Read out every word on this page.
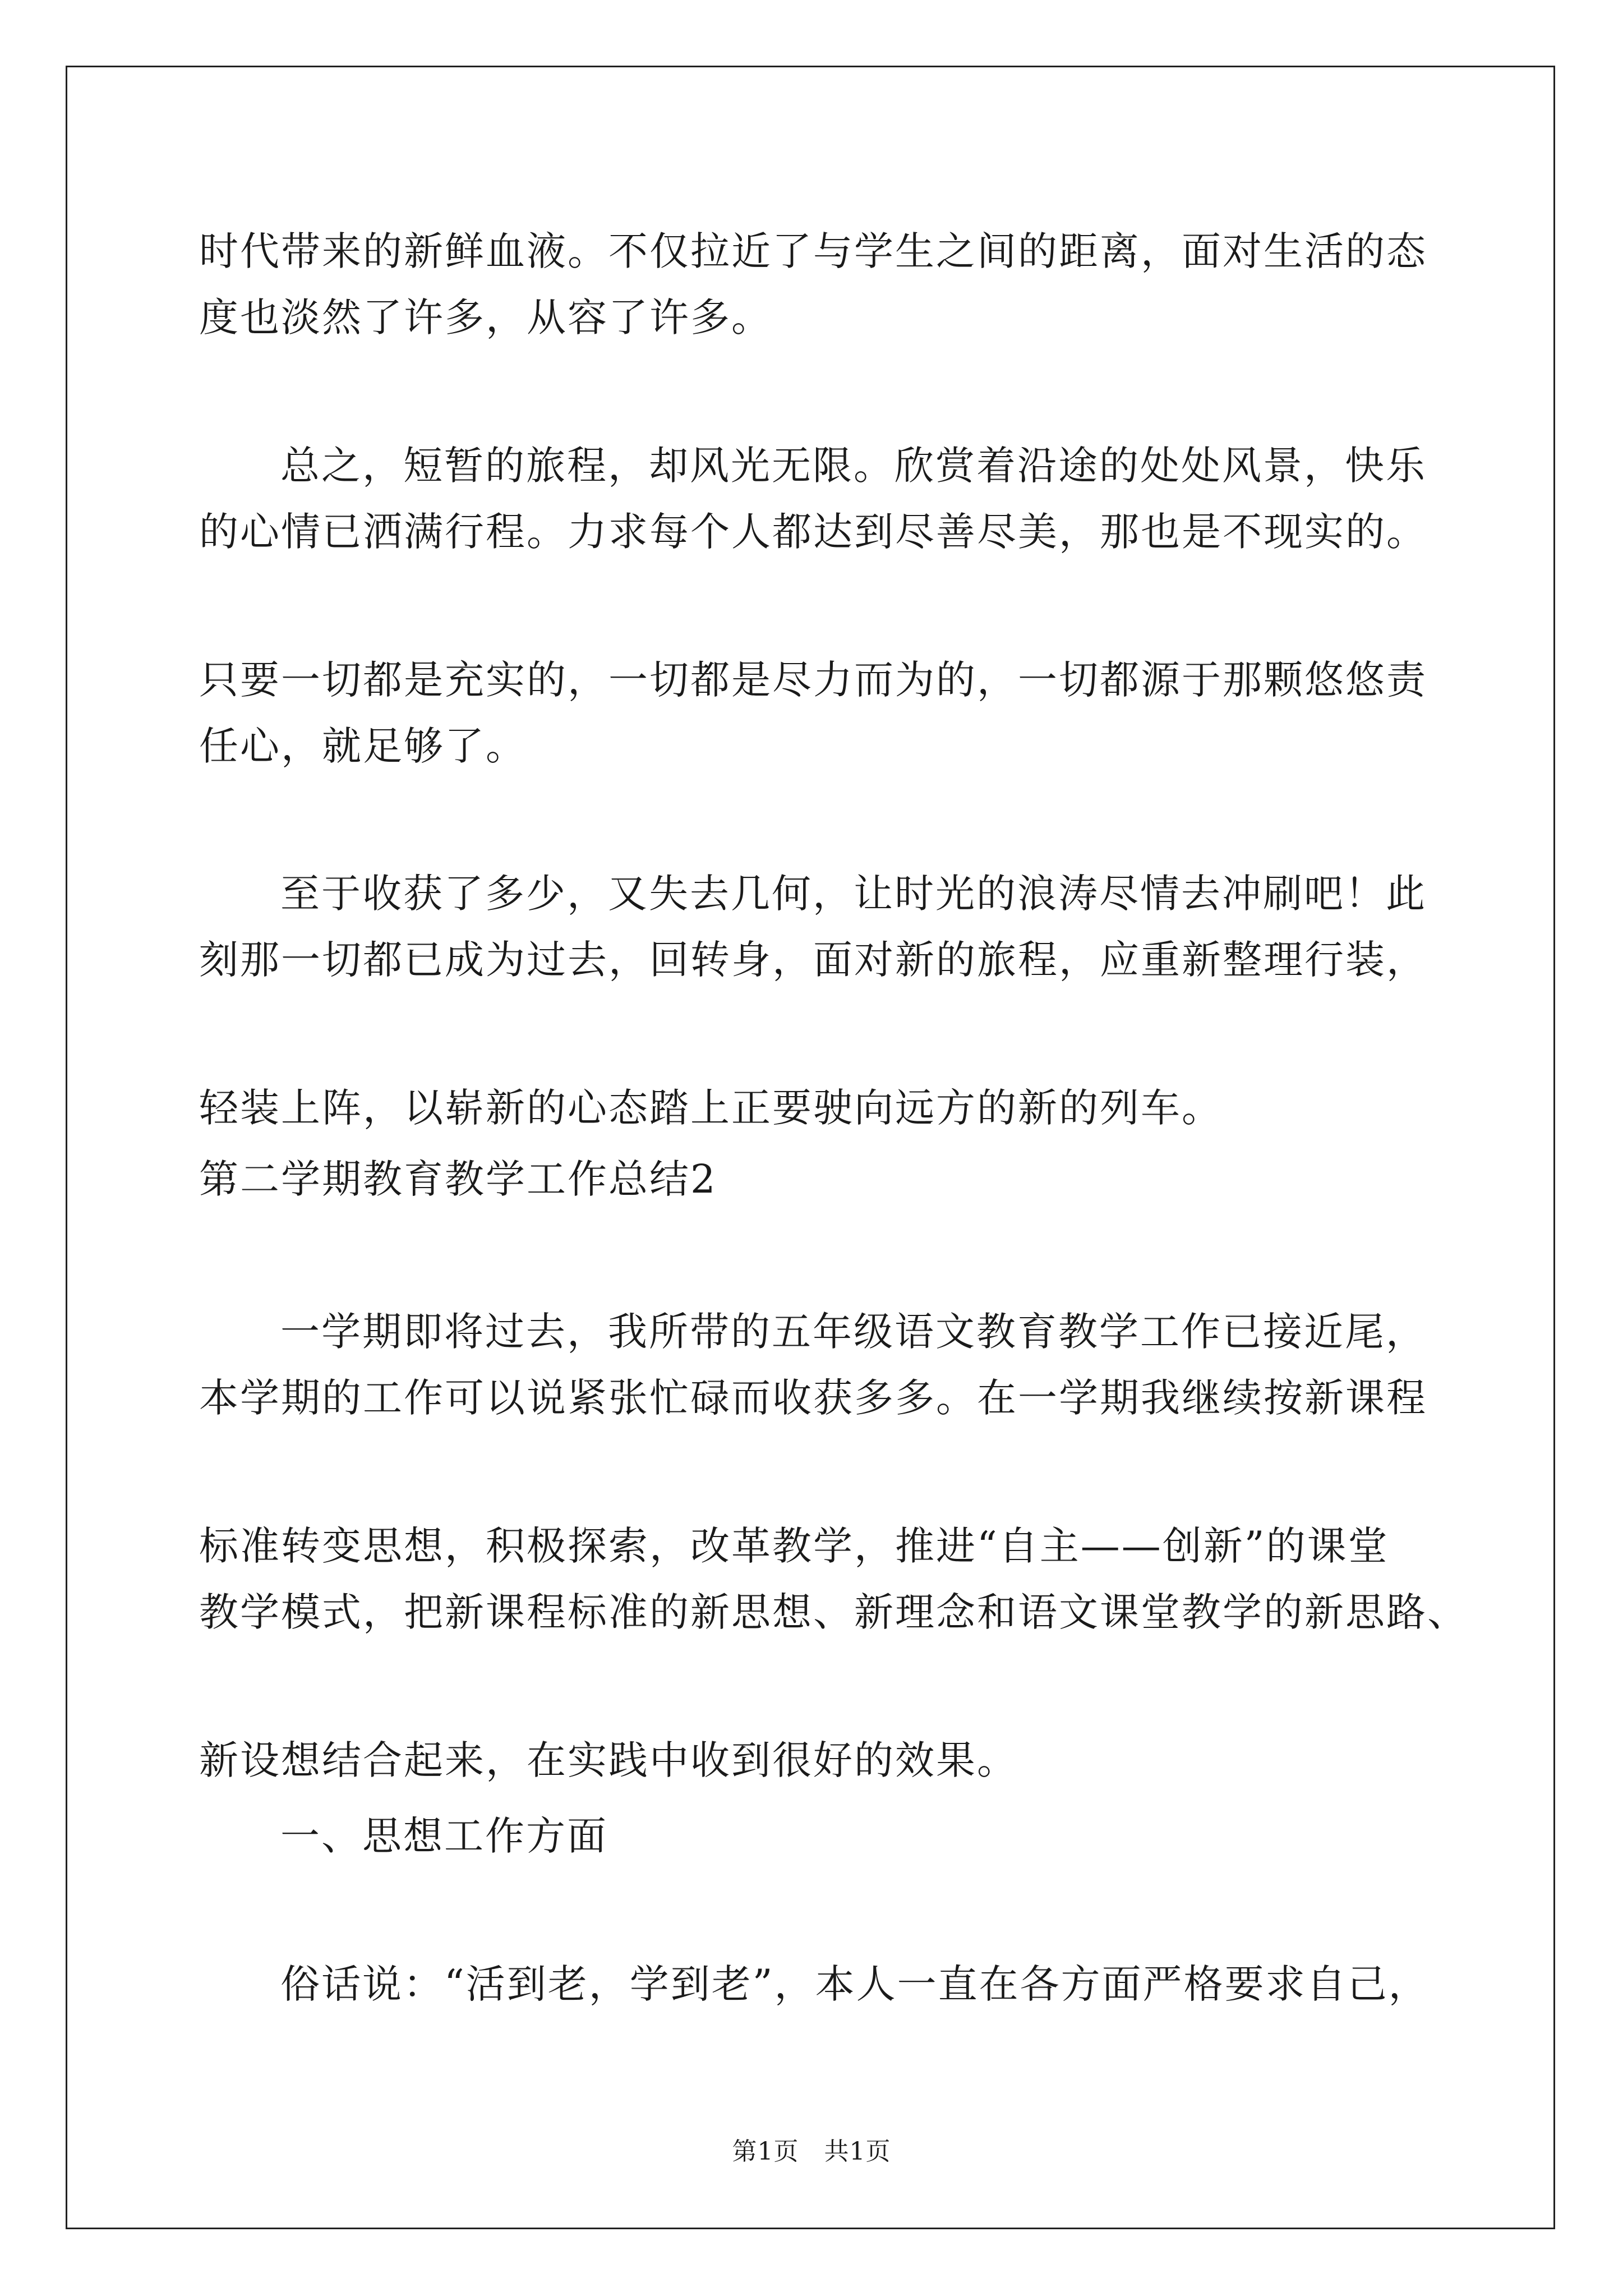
时代带来的新鲜血液。不仅拉近了与学生之间的距离，面对生活的态
度也淡然了许多，从容了许多。
总之，短暂的旅程，却风光无限。欣赏着沿途的处处风景，快乐
的心情已洒满行程。力求每个人都达到尽善尽美，那也是不现实的。
只要一切都是充实的，一切都是尽力而为的，一切都源于那颗悠悠责
任心，就足够了。
至于收获了多少，又失去几何，让时光的浪涛尽情去冲刷吧！此
刻那一切都已成为过去，回转身，面对新的旅程，应重新整理行装，
轻装上阵，以崭新的心态踏上正要驶向远方的新的列车。
第二学期教育教学工作总结2
一学期即将过去，我所带的五年级语文教育教学工作已接近尾，
本学期的工作可以说紧张忙碌而收获多多。在一学期我继续按新课程
标准转变思想，积极探索，改革教学，推进“自主——创新”的课堂
教学模式，把新课程标准的新思想、新理念和语文课堂教学的新思路、
新设想结合起来，在实践中收到很好的效果。
一、思想工作方面
俗话说：“活到老，学到老”，本人一直在各方面严格要求自己，
第1页   共1页
